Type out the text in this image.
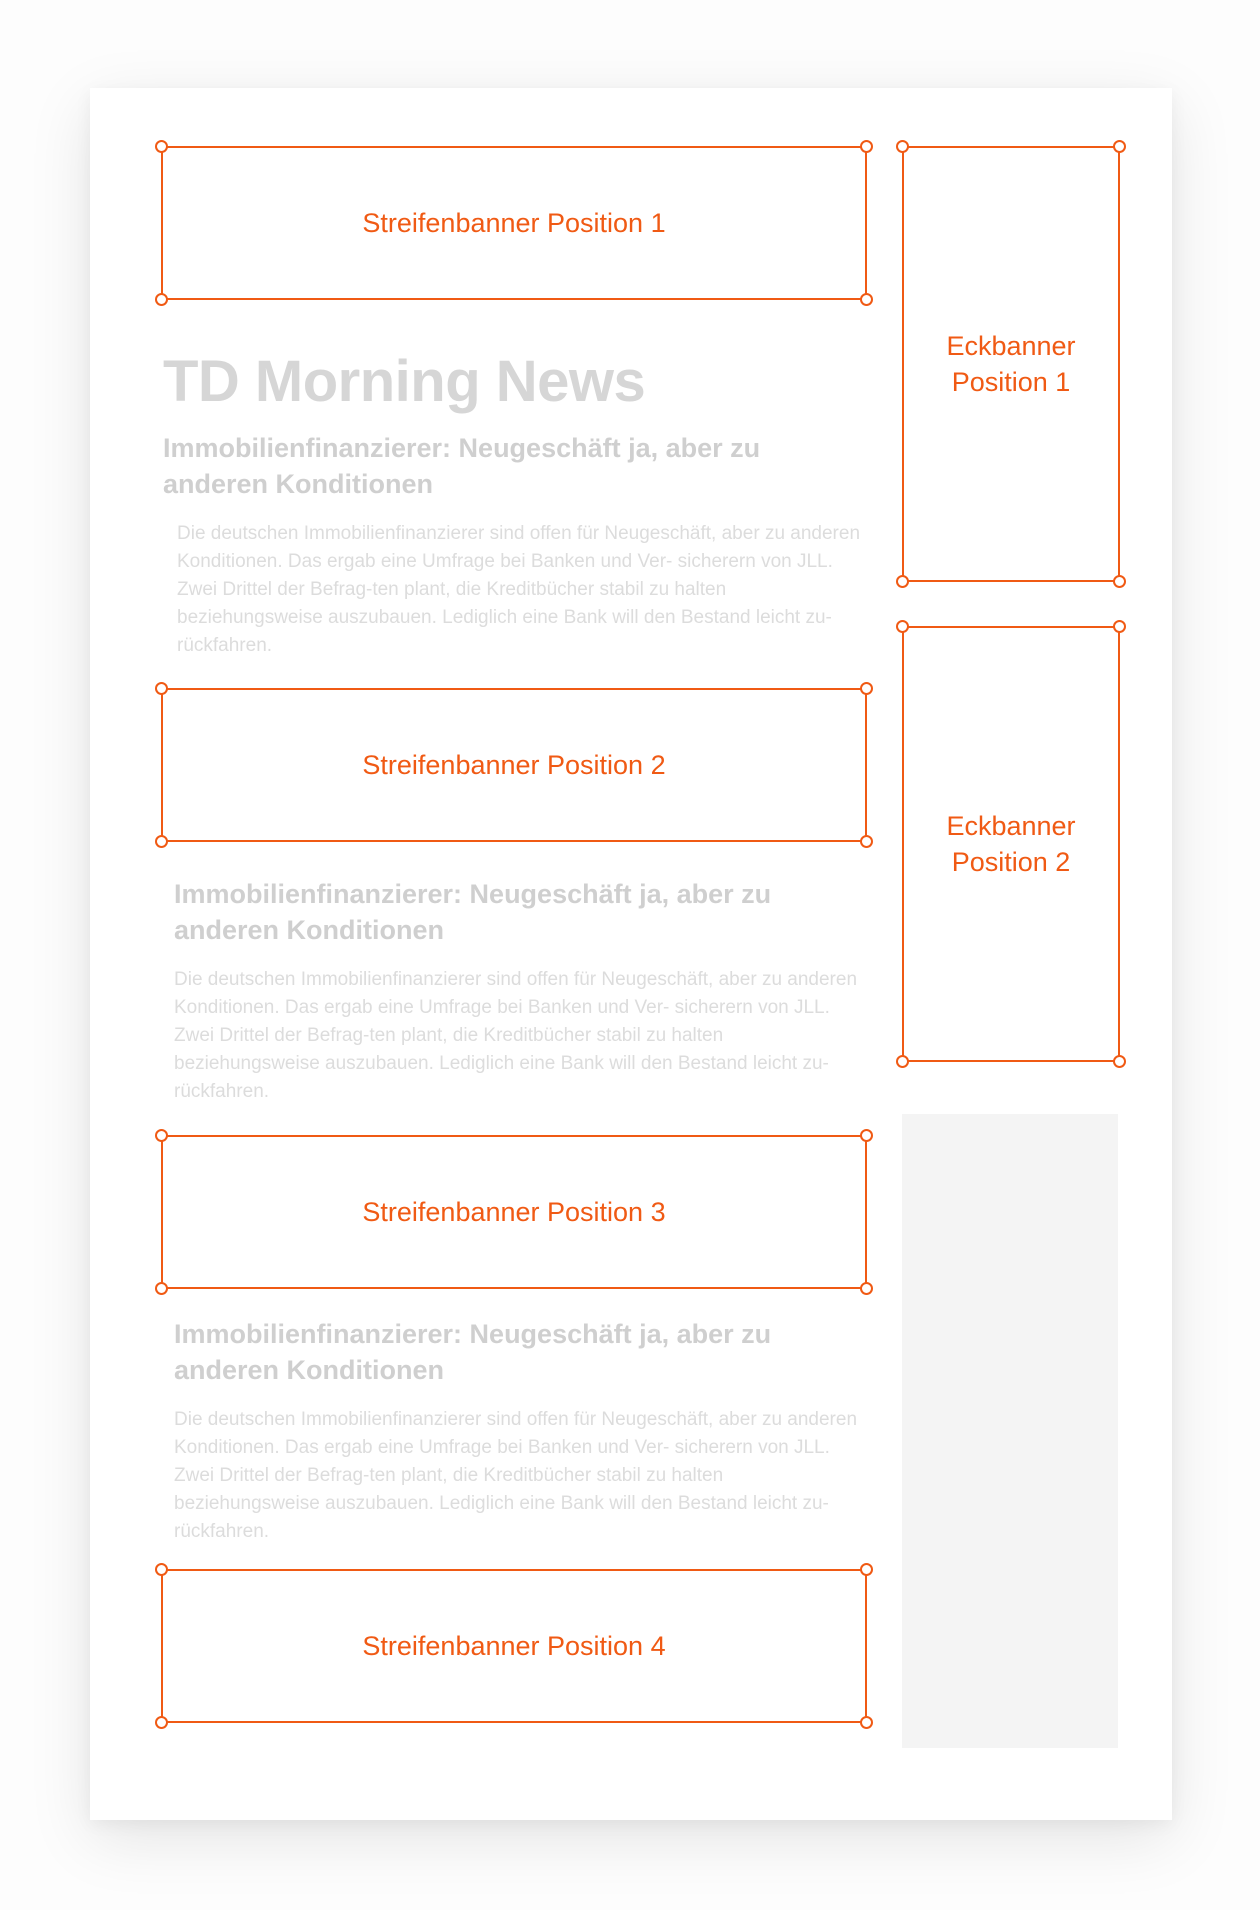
Streifenbanner Position 1
Eckbanner
Position 1
TD Morning News
Immobilienfinanzierer: Neugeschäft ja, aber zu anderen Konditionen

Die deutschen Immobilienfinanzierer sind offen für Neugeschäft, aber zu anderen Konditionen. Das ergab eine Umfrage bei Banken und Ver- sicherern von JLL. Zwei Drittel der Befrag-ten plant, die Kreditbücher stabil zu halten beziehungsweise auszubauen. Lediglich eine Bank will den Bestand leicht zu-rückfahren.

Streifenbanner Position 2
Eckbanner
Position 2
Immobilienfinanzierer: Neugeschäft ja, aber zu anderen Konditionen

Die deutschen Immobilienfinanzierer sind offen für Neugeschäft, aber zu anderen Konditionen. Das ergab eine Umfrage bei Banken und Ver- sicherern von JLL. Zwei Drittel der Befrag-ten plant, die Kreditbücher stabil zu halten beziehungsweise auszubauen. Lediglich eine Bank will den Bestand leicht zu-rückfahren.

Streifenbanner Position 3
Immobilienfinanzierer: Neugeschäft ja, aber zu anderen Konditionen

Die deutschen Immobilienfinanzierer sind offen für Neugeschäft, aber zu anderen Konditionen. Das ergab eine Umfrage bei Banken und Ver- sicherern von JLL. Zwei Drittel der Befrag-ten plant, die Kreditbücher stabil zu halten beziehungsweise auszubauen. Lediglich eine Bank will den Bestand leicht zu-rückfahren.

Streifenbanner Position 4
